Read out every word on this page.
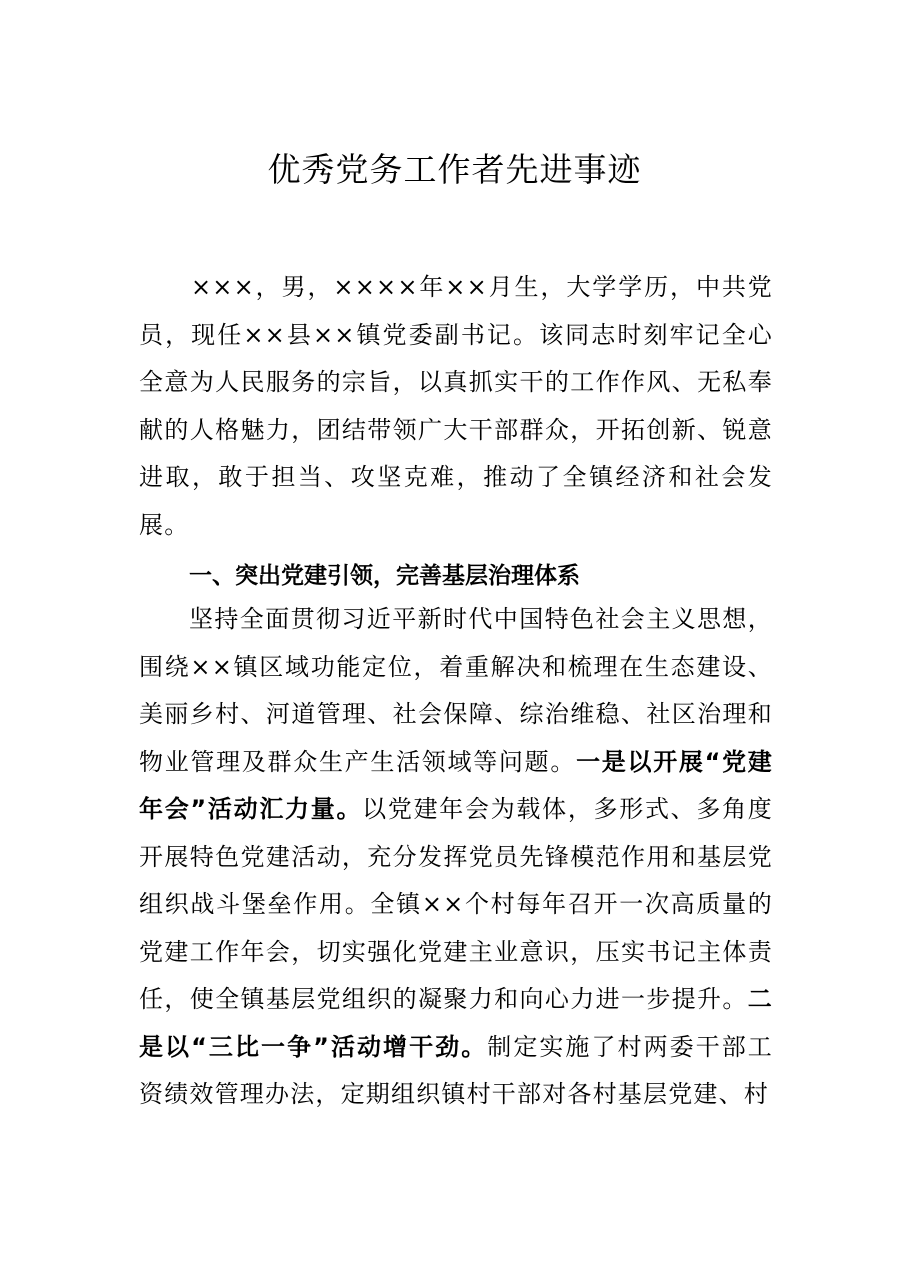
优秀党务工作者先进事迹
×××，男，××××年××月生，大学学历，中共党员，现任××县××镇党委副书记。该同志时刻牢记全心全意为人民服务的宗旨，以真抓实干的工作作风、无私奉献的人格魅力，团结带领广大干部群众，开拓创新、锐意进取，敢于担当、攻坚克难，推动了全镇经济和社会发展。
一、突出党建引领，完善基层治理体系
坚持全面贯彻习近平新时代中国特色社会主义思想，围绕××镇区域功能定位，着重解决和梳理在生态建设、美丽乡村、河道管理、社会保障、综治维稳、社区治理和物业管理及群众生产生活领域等问题。一是以开展“党建年会”活动汇力量。以党建年会为载体，多形式、多角度开展特色党建活动，充分发挥党员先锋模范作用和基层党组织战斗堡垒作用。全镇××个村每年召开一次高质量的党建工作年会，切实强化党建主业意识，压实书记主体责任，使全镇基层党组织的凝聚力和向心力进一步提升。二是以“三比一争”活动增干劲。制定实施了村两委干部工资绩效管理办法，定期组织镇村干部对各村基层党建、村
